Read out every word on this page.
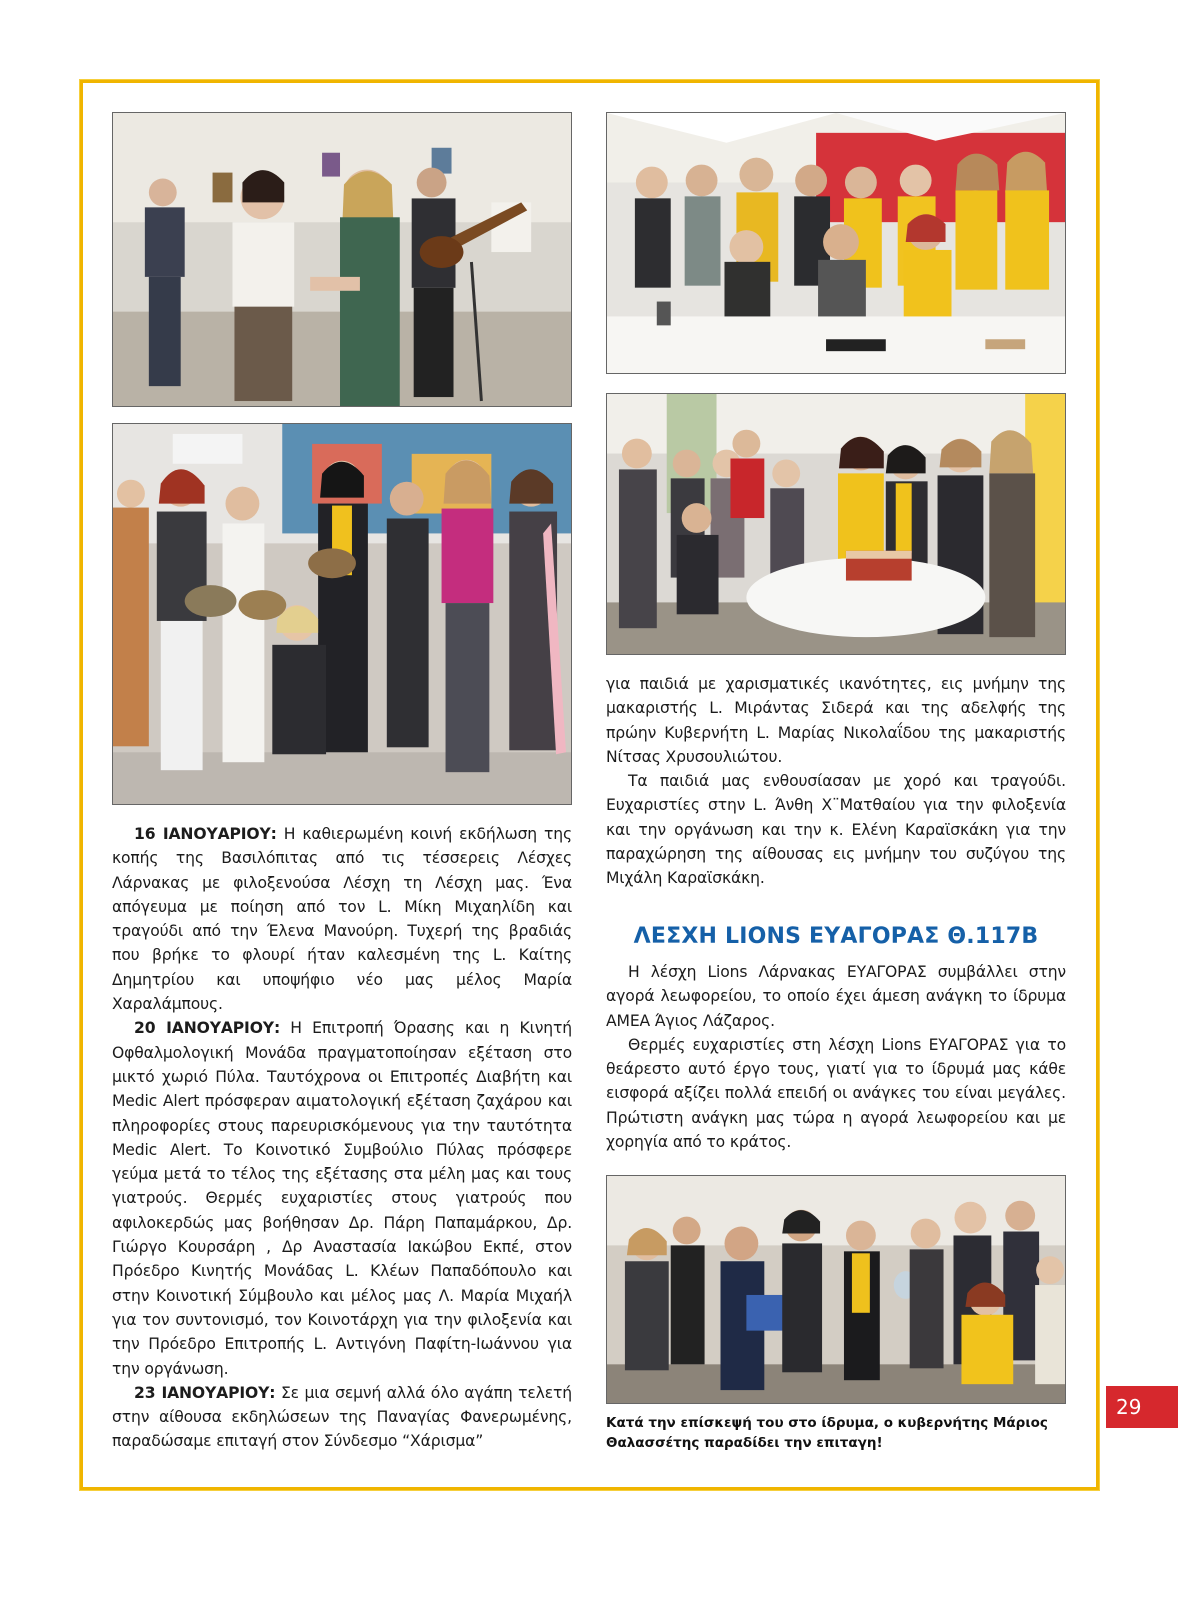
16 ΙΑΝΟΥΑΡΙΟΥ: Η καθιερωμένη κοινή εκδήλωση της κοπής της Βασιλόπιτας από τις τέσσερεις Λέσχες Λάρνακας με φιλοξενούσα Λέσχη τη Λέσχη μας. Ένα απόγευμα με ποίηση από τον L. Μίκη Μιχαηλίδη και τραγούδι από την Έλενα Μανούρη. Τυχερή της βραδιάς που βρήκε το φλουρί ήταν καλεσμένη της L. Καίτης Δημητρίου και υποψήφιο νέο μας μέλος Μαρία Χαραλάμπους.

20 ΙΑΝΟΥΑΡΙΟΥ: Η Επιτροπή Όρασης και η Κινητή Οφθαλμολογική Μονάδα πραγματοποίησαν εξέταση στο μικτό χωριό Πύλα. Ταυτόχρονα οι Επιτροπές Διαβήτη και Medic Alert πρόσφεραν αιματολογική εξέταση ζαχάρου και πληροφορίες στους παρευρισκόμενους για την ταυτότητα Medic Alert. Το Κοινοτικό Συμβούλιο Πύλας πρόσφερε γεύμα μετά το τέλος της εξέτασης στα μέλη μας και τους γιατρούς. Θερμές ευχαριστίες στους γιατρούς που αφιλοκερδώς μας βοήθησαν Δρ. Πάρη Παπαμάρκου, Δρ. Γιώργο Κουρσάρη , Δρ Αναστασία Ιακώβου Εκπέ, στον Πρόεδρο Κινητής Μονάδας L. Κλέων Παπαδόπουλο και στην Κοινοτική Σύμβουλο και μέλος μας Λ. Μαρία Μιχαήλ για τον συντονισμό, τον Κοινοτάρχη για την φιλοξενία και την Πρόεδρο Επιτροπής L. Αντιγόνη Παφίτη-Ιωάννου για την οργάνωση.

23 ΙΑΝΟΥΑΡΙΟΥ: Σε μια σεμνή αλλά όλο αγάπη τελετή στην αίθουσα εκδηλώσεων της Παναγίας Φανερωμένης, παραδώσαμε επιταγή στον Σύνδεσμο “Χάρισμα”

για παιδιά με χαρισματικές ικανότητες, εις μνήμην της μακαριστής L. Μιράντας Σιδερά και της αδελφής της πρώην Κυβερνήτη L. Μαρίας Νικολαΐδου της μακαριστής Νίτσας Χρυσουλιώτου.

Τα παιδιά μας ενθουσίασαν με χορό και τραγούδι. Ευχαριστίες στην L. Άνθη Χ¨Ματθαίου για την φιλοξενία και την οργάνωση και την κ. Ελένη Καραϊσκάκη για την παραχώρηση της αίθουσας εις μνήμην του συζύγου της Μιχάλη Καραϊσκάκη.

ΛΕΣΧΗ LIONS ΕΥΑΓΟΡΑΣ Θ.117Β

Η λέσχη Lions Λάρνακας ΕΥΑΓΟΡΑΣ συμβάλλει στην αγορά λεωφορείου, το οποίο έχει άμεση ανάγκη το ίδρυμα ΑΜΕΑ Άγιος Λάζαρος.

Θερμές ευχαριστίες στη λέσχη Lions ΕΥΑΓΟΡΑΣ για το θεάρεστο αυτό έργο τους, γιατί για το ίδρυμά μας κάθε εισφορά αξίζει πολλά επειδή οι ανάγκες του είναι μεγάλες. Πρώτιστη ανάγκη μας τώρα η αγορά λεωφορείου και με χορηγία από το κράτος.

Κατά την επίσκεψή του στο ίδρυμα, ο κυβερνήτης Μάριος
Θαλασσέτης παραδίδει την επιταγη!
29
